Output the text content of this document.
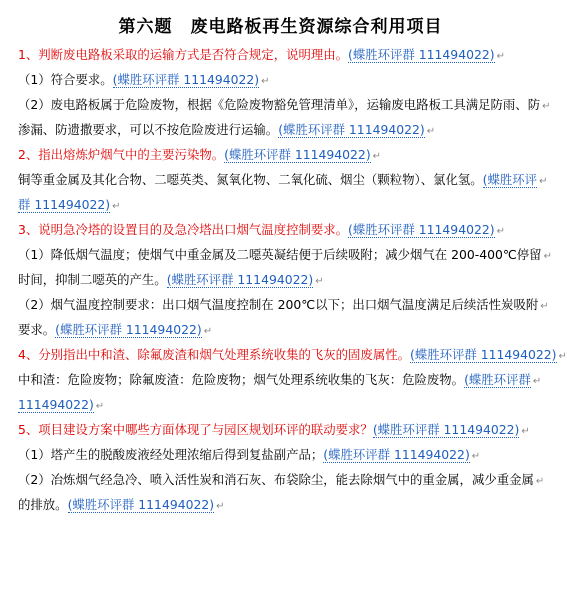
第六题　废电路板再生资源综合利用项目

1、判断废电路板采取的运输方式是否符合规定，说明理由。(蝶胜环评群 111494022) ↵

（1）符合要求。(蝶胜环评群 111494022) ↵

（2）废电路板属于危险废物，根据《危险废物豁免管理清单》，运输废电路板工具满足防雨、防 ↵

渗漏、防遗撒要求，可以不按危险废进行运输。(蝶胜环评群 111494022) ↵

2、指出熔炼炉烟气中的主要污染物。(蝶胜环评群 111494022) ↵

铜等重金属及其化合物、二噁英类、氮氧化物、二氧化硫、烟尘（颗粒物）、氯化氢。(蝶胜环评 ↵

群 111494022) ↵

3、说明急冷塔的设置目的及急冷塔出口烟气温度控制要求。(蝶胜环评群 111494022) ↵

（1）降低烟气温度；使烟气中重金属及二噁英凝结便于后续吸附；减少烟气在 200-400℃停留 ↵

时间，抑制二噁英的产生。(蝶胜环评群 111494022) ↵

（2）烟气温度控制要求：出口烟气温度控制在 200℃以下；出口烟气温度满足后续活性炭吸附 ↵

要求。(蝶胜环评群 111494022) ↵

4、分别指出中和渣、除氟废渣和烟气处理系统收集的飞灰的固废属性。(蝶胜环评群 111494022) ↵

中和渣：危险废物；除氟废渣：危险废物；烟气处理系统收集的飞灰：危险废物。(蝶胜环评群 ↵

111494022) ↵

5、项目建设方案中哪些方面体现了与园区规划环评的联动要求？(蝶胜环评群 111494022) ↵

（1）塔产生的脱酸废液经处理浓缩后得到复盐副产品；(蝶胜环评群 111494022) ↵

（2）冶炼烟气经急冷、喷入活性炭和消石灰、布袋除尘，能去除烟气中的重金属，减少重金属 ↵

的排放。(蝶胜环评群 111494022) ↵
